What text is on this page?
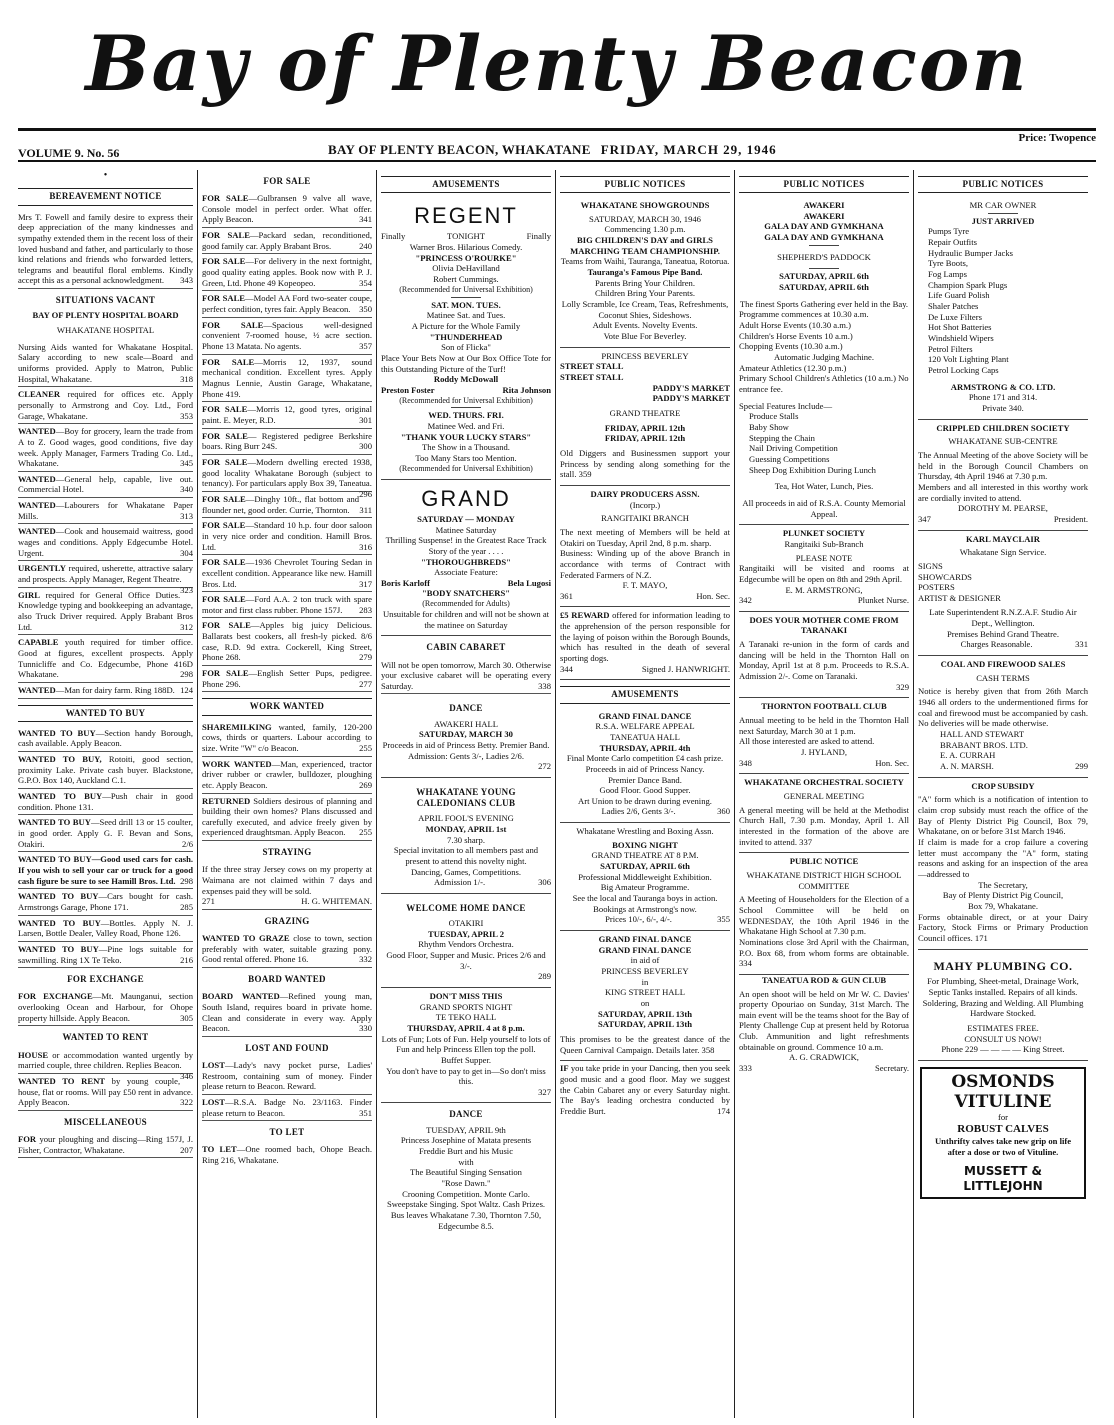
Bay of Plenty Beacon
Price: Twopence
VOLUME 9. No. 56	BAY OF PLENTY BEACON, WHAKATANE FRIDAY, MARCH 29, 1946
•
BEREAVEMENT NOTICE

Mrs T. Fowell and family desire to express their deep appreciation of the many kindnesses and sympathy extended them in the recent loss of their loved husband and father, and particularly to those kind relations and friends who forwarded letters, telegrams and beautiful floral emblems. Kindly accept this as a personal acknowledgment. 343

SITUATIONS VACANT
BAY OF PLENTY HOSPITAL BOARD
WHAKATANE HOSPITAL

Nursing Aids wanted for Whakatane Hospital. Salary according to new scale—Board and uniforms provided. Apply to Matron, Public Hospital, Whakatane.	318

CLEANER required for offices etc. Apply personally to Armstrong and Coy. Ltd., Ford Garage, Whakatane.	353

WANTED—Boy for grocery, learn the trade from A to Z. Good wages, good conditions, five day week. Apply Manager, Farmers Trading Co. Ltd., Whakatane.	345

WANTED—General help, capable, live out. Commercial Hotel.	340

WANTED—Labourers for Whakatane Paper Mills.	313

WANTED—Cook and housemaid waitress, good wages and conditions. Apply Edgecumbe Hotel. Urgent.	304

URGENTLY required, usherette, attractive salary and prospects. Apply Manager, Regent Theatre.
323

GIRL required for General Office Duties. Knowledge typing and bookkeeping an advantage, also Truck Driver required. Apply Brabant Bros Ltd.	312

CAPABLE youth required for timber office. Good at figures, excellent prospects. Apply Tunnicliffe and Co. Edgecumbe, Phone 416D Whakatane.	298

WANTED—Man for dairy farm. Ring 188D. 124

WANTED TO BUY

WANTED TO BUY—Section handy Borough, cash available. Apply Beacon.

WANTED TO BUY, Rotoiti, good section, proximity Lake. Private cash buyer. Blackstone, G.P.O. Box 140, Auckland C.1.

WANTED TO BUY—Push chair in good condition. Phone 131.

WANTED TO BUY—Seed drill 13 or 15 coulter, in good order. Apply G. F. Bevan and Sons, Otakiri.	2/6

WANTED TO BUY—Good used cars for cash. If you wish to sell your car or truck for a good cash figure be sure to see Hamill Bros. Ltd. 298

WANTED TO BUY—Cars bought for cash. Armstrongs Garage, Phone 171.	285

WANTED TO BUY—Bottles. Apply N. J. Larsen, Bottle Dealer, Valley Road, Phone 126.

WANTED TO BUY—Pine logs suitable for sawmilling. Ring 1X Te Teko.	216

FOR EXCHANGE

FOR EXCHANGE—Mt. Maunganui, section overlooking Ocean and Harbour, for Ohope property hillside. Apply Beacon.	305

WANTED TO RENT

HOUSE or accommodation wanted urgently by married couple, three children. Replies Beacon.
346

WANTED TO RENT by young couple, house, flat or rooms. Will pay £50 rent in advance. Apply Beacon.	322

MISCELLANEOUS

FOR your ploughing and discing—Ring 157J, J. Fisher, Contractor, Whakatane.	207

FOR SALE

FOR SALE—Gulbransen 9 valve all wave, Console model in perfect order. What offer. Apply Beacon.	341

FOR SALE—Packard sedan, reconditioned, good family car. Apply Brabant Bros.	240

FOR SALE—For delivery in the next fortnight, good quality eating apples. Book now with P. J. Green, Ltd. Phone 49 Kopeopeo.	354

FOR SALE—Model AA Ford two-seater coupe, perfect condition, tyres fair. Apply Beacon. 350

FOR SALE—Spacious well-designed convenient 7-roomed house, ½ acre section. Phone 13 Matata. No agents.	357

FOR SALE—Morris 12, 1937, sound mechanical condition. Excellent tyres. Apply Magnus Lennie, Austin Garage, Whakatane, Phone 419.

FOR SALE—Morris 12, good tyres, original paint. E. Meyer, R.D.	301

FOR SALE— Registered pedigree Berkshire boars. Ring Burr 24S.	300

FOR SALE—Modern dwelling erected 1938, good locality Whakatane Borough (subject to tenancy). For particulars apply Box 39, Taneatua.
296

FOR SALE—Dinghy 10ft., flat bottom and flounder net, good order. Currie, Thornton. 311

FOR SALE—Standard 10 h.p. four door saloon in very nice order and condition. Hamill Bros. Ltd.	316

FOR SALE—1936 Chevrolet Touring Sedan in excellent condition. Appearance like new. Hamill Bros. Ltd.	317

FOR SALE—Ford A.A. 2 ton truck with spare motor and first class rubber. Phone 157J. 283

FOR SALE—Apples big juicy Delicious. Ballarats best cookers, all fresh-ly picked. 8/6 case, R.D. 9d extra. Cockerell, King Street, Phone 268.	279

FOR SALE—English Setter Pups, pedigree. Phone 296.	277

WORK WANTED

SHAREMILKING wanted, family, 120-200 cows, thirds or quarters. Labour according to size. Write "W" c/o Beacon.	255

WORK WANTED—Man, experienced, tractor driver rubber or crawler, bulldozer, ploughing etc. Apply Beacon.	269

RETURNED Soldiers desirous of planning and building their own homes? Plans discussed and carefully executed, and advice freely given by experienced draughtsman. Apply Beacon. 255

STRAYING

If the three stray Jersey cows on my property at Waimana are not claimed within 7 days and expenses paid they will be sold.
271	H. G. WHITEMAN.

GRAZING

WANTED TO GRAZE close to town, section preferably with water, suitable grazing pony. Good rental offered. Phone 16.	332

BOARD WANTED

BOARD WANTED—Refined young man, South Island, requires board in private home. Clean and considerate in every way. Apply Beacon.	330

LOST AND FOUND

LOST—Lady's navy pocket purse, Ladies' Restroom, containing sum of money. Finder please return to Beacon. Reward.

LOST—R.S.A. Badge No. 23/1163. Finder please return to Beacon.	351

TO LET

TO LET—One roomed bach, Ohope Beach. Ring 216, Whakatane.

AMUSEMENTS
REGENT
Finally	TONIGHT	Finally
Warner Bros. Hilarious Comedy.
"PRINCESS O'ROURKE"
Olivia DeHavilland
Robert Cummings.
(Recommended for Universal Exhibition)
SAT. MON. TUES.
Matinee Sat. and Tues.
A Picture for the Whole Family
"THUNDERHEAD
Son of Flicka"
Place Your Bets Now at Our Box Office Tote for this Outstanding Picture of the Turf!
Roddy McDowall
Preston Foster	Rita Johnson
(Recommended for Universal Exhibition)
WED. THURS. FRI.
Matinee Wed. and Fri.
"THANK YOUR LUCKY STARS"
The Show in a Thousand.
Too Many Stars too Mention.
(Recommended for Universal Exhibition)
GRAND
SATURDAY — MONDAY
Matinee Saturday
Thrilling Suspense! in the Greatest Race Track Story of the year . . . .
"THOROUGHBREDS"
Associate Feature:
Boris Karloff	Bela Lugosi
"BODY SNATCHERS"
(Recommended for Adults)
Unsuitable for children and will not be shown at the matinee on Saturday
CABIN CABARET

Will not be open tomorrow, March 30. Otherwise your exclusive cabaret will be operating every Saturday.	338

DANCE
AWAKERI HALL
SATURDAY, MARCH 30
Proceeds in aid of Princess Betty. Premier Band.
Admission: Gents 3/-, Ladies 2/6.
272
WHAKATANE YOUNG CALEDONIANS CLUB
APRIL FOOL'S EVENING
MONDAY, APRIL 1st
7.30 sharp.
Special invitation to all members past and present to attend this novelty night.
Dancing, Games, Competitions.
Admission 1/-.	306
WELCOME HOME DANCE
OTAKIRI
TUESDAY, APRIL 2
Rhythm Vendors Orchestra.
Good Floor, Supper and Music. Prices 2/6 and 3/-.
289
DON'T MISS THIS
GRAND SPORTS NIGHT
TE TEKO HALL
THURSDAY, APRIL 4 at 8 p.m.
Lots of Fun; Lots of Fun. Help yourself to lots of Fun and help Princess Ellen top the poll.
Buffet Supper.
You don't have to pay to get in—So don't miss this.
327
DANCE
TUESDAY, APRIL 9th
Princess Josephine of Matata presents
Freddie Burt and his Music
with
The Beautiful Singing Sensation
"Rose Dawn."
Crooning Competition. Monte Carlo. Sweepstake Singing. Spot Waltz. Cash Prizes.
Bus leaves Whakatane 7.30, Thornton 7.50, Edgecumbe 8.5.
PUBLIC NOTICES
WHAKATANE SHOWGROUNDS
SATURDAY, MARCH 30, 1946
Commencing 1.30 p.m.
BIG CHILDREN'S DAY and GIRLS MARCHING TEAM CHAMPIONSHIP.
Teams from Waihi, Tauranga, Taneatua, Rotorua.
Tauranga's Famous Pipe Band.
Parents Bring Your Children.
Children Bring Your Parents.
Lolly Scramble, Ice Cream, Teas, Refreshments, Coconut Shies, Sideshows.
Adult Events. Novelty Events.
Vote Blue For Beverley.
PRINCESS BEVERLEY
STREET STALL
STREET STALL
PADDY'S MARKET
PADDY'S MARKET
GRAND THEATRE
FRIDAY, APRIL 12th
FRIDAY, APRIL 12th
Old Diggers and Businessmen support your Princess by sending along something for the stall. 359
DAIRY PRODUCERS ASSN.
(Incorp.)
RANGITAIKI BRANCH
The next meeting of Members will be held at Otakiri on Tuesday, April 2nd, 8 p.m. sharp.
Business: Winding up of the above Branch in accordance with terms of Contract with Federated Farmers of N.Z.
F. T. MAYO,
361	Hon. Sec.
£5 REWARD offered for information leading to the apprehension of the person responsible for the laying of poison within the Borough Bounds, which has resulted in the death of several sporting dogs.
344	Signed J. HANWRIGHT.
AMUSEMENTS
GRAND FINAL DANCE
R.S.A. WELFARE APPEAL
TANEATUA HALL
THURSDAY, APRIL 4th
Final Monte Carlo competition £4 cash prize.
Proceeds in aid of Princess Nancy.
Premier Dance Band.
Good Floor. Good Supper.
Art Union to be drawn during evening.
Ladies 2/6, Gents 3/-.	360
Whakatane Wrestling and Boxing Assn.
BOXING NIGHT
GRAND THEATRE AT 8 P.M.
SATURDAY, APRIL 6th
Professional Middleweight Exhibition.
Big Amateur Programme.
See the local and Tauranga boys in action.
Bookings at Armstrong's now.
Prices 10/-, 6/-, 4/-.	355
GRAND FINAL DANCE
GRAND FINAL DANCE
in aid of
PRINCESS BEVERLEY
in
KING STREET HALL
on
SATURDAY, APRIL 13th
SATURDAY, APRIL 13th
This promises to be the greatest dance of the Queen Carnival Campaign. Details later. 358

IF you take pride in your Dancing, then you seek good music and a good floor. May we suggest the Cabin Cabaret any or every Saturday night. The Bay's leading orchestra conducted by Freddie Burt.	174

PUBLIC NOTICES
AWAKERI
AWAKERI
GALA DAY AND GYMKHANA
GALA DAY AND GYMKHANA
SHEPHERD'S PADDOCK
SATURDAY, APRIL 6th
SATURDAY, APRIL 6th
The finest Sports Gathering ever held in the Bay.
Programme commences at 10.30 a.m.
Adult Horse Events (10.30 a.m.)
Children's Horse Events 10 a.m.)
Chopping Events (10.30 a.m.)
Automatic Judging Machine.
Amateur Athletics (12.30 p.m.)
Primary School Children's Athletics (10 a.m.) No entrance fee.
Special Features Include—
Produce Stalls
Baby Show
Stepping the Chain
Nail Driving Competition
Guessing Competitions
Sheep Dog Exhibition During Lunch
Tea, Hot Water, Lunch, Pies.
All proceeds in aid of R.S.A. County Memorial Appeal.
PLUNKET SOCIETY
Rangitaiki Sub-Branch
PLEASE NOTE
Rangitaiki will be visited and rooms at Edgecumbe will be open on 8th and 29th April.
E. M. ARMSTRONG,
342	Plunket Nurse.
DOES YOUR MOTHER COME FROM TARANAKI
A Taranaki re-union in the form of cards and dancing will be held in the Thornton Hall on Monday, April 1st at 8 p.m. Proceeds to R.S.A. Admission 2/-. Come on Taranaki.
329
THORNTON FOOTBALL CLUB
Annual meeting to be held in the Thornton Hall next Saturday, March 30 at 1 p.m.
All those interested are asked to attend.
J. HYLAND,
348	Hon. Sec.
WHAKATANE ORCHESTRAL SOCIETY
GENERAL MEETING
A general meeting will be held at the Methodist Church Hall, 7.30 p.m. Monday, April 1. All interested in the formation of the above are invited to attend. 337
PUBLIC NOTICE
WHAKATANE DISTRICT HIGH SCHOOL COMMITTEE
A Meeting of Householders for the Election of a School Committee will be held on WEDNESDAY, the 10th April 1946 in the Whakatane High School at 7.30 p.m.
Nominations close 3rd April with the Chairman, P.O. Box 68, from whom forms are obtainable. 334
TANEATUA ROD & GUN CLUB
An open shoot will be held on Mr W. C. Davies' property Opouriao on Sunday, 31st March. The main event will be the teams shoot for the Bay of Plenty Challenge Cup at present held by Rotorua Club. Ammunition and light refreshments obtainable on ground. Commence 10 a.m.
A. G. CRADWICK,
333	Secretary.
PUBLIC NOTICES
MR CAR OWNER
JUST ARRIVED
Pumps Tyre
Repair Outfits
Hydraulic Bumper Jacks
Tyre Boots,
Fog Lamps
Champion Spark Plugs
Life Guard Polish
Shaler Patches
De Luxe Filters
Hot Shot Batteries
Windshield Wipers
Petrol Filters
120 Volt Lighting Plant
Petrol Locking Caps
ARMSTRONG & CO. LTD.
Phone 171 and 314.
Private 340.
CRIPPLED CHILDREN SOCIETY
WHAKATANE SUB-CENTRE
The Annual Meeting of the above Society will be held in the Borough Council Chambers on Thursday, 4th April 1946 at 7.30 p.m.
Members and all interested in this worthy work are cordially invited to attend.
DOROTHY M. PEARSE,
347	President.
KARL MAYCLAIR
Whakatane Sign Service.
SIGNS
SHOWCARDS
POSTERS
ARTIST & DESIGNER
Late Superintendent R.N.Z.A.F. Studio Air Dept., Wellington.
Premises Behind Grand Theatre.
Charges Reasonable.	331
COAL AND FIREWOOD SALES
CASH TERMS
Notice is hereby given that from 26th March 1946 all orders to the undermentioned firms for coal and firewood must be accompanied by cash. No deliveries will be made otherwise.
HALL AND STEWART
BRABANT BROS. LTD.
E. A. CURRAH
A. N. MARSH.	299
CROP SUBSIDY
"A" form which is a notification of intention to claim crop subsidy must reach the office of the Bay of Plenty District Pig Council, Box 79, Whakatane, on or before 31st March 1946.
If claim is made for a crop failure a covering letter must accompany the "A" form, stating reasons and asking for an inspection of the area—addressed to
The Secretary,
Bay of Plenty District Pig Council,
Box 79, Whakatane.
Forms obtainable direct, or at your Dairy Factory, Stock Firms or Primary Production Council offices. 171
MAHY PLUMBING CO.
For Plumbing, Sheet-metal, Drainage Work, Septic Tanks installed. Repairs of all kinds. Soldering, Brazing and Welding. All Plumbing Hardware Stocked.
ESTIMATES FREE.
CONSULT US NOW!
Phone 229 — — — — King Street.
OSMONDS
VITULINE
for
ROBUST CALVES
Unthrifty calves take new grip on life after a dose or two of Vituline.
MUSSETT & LITTLEJOHN
